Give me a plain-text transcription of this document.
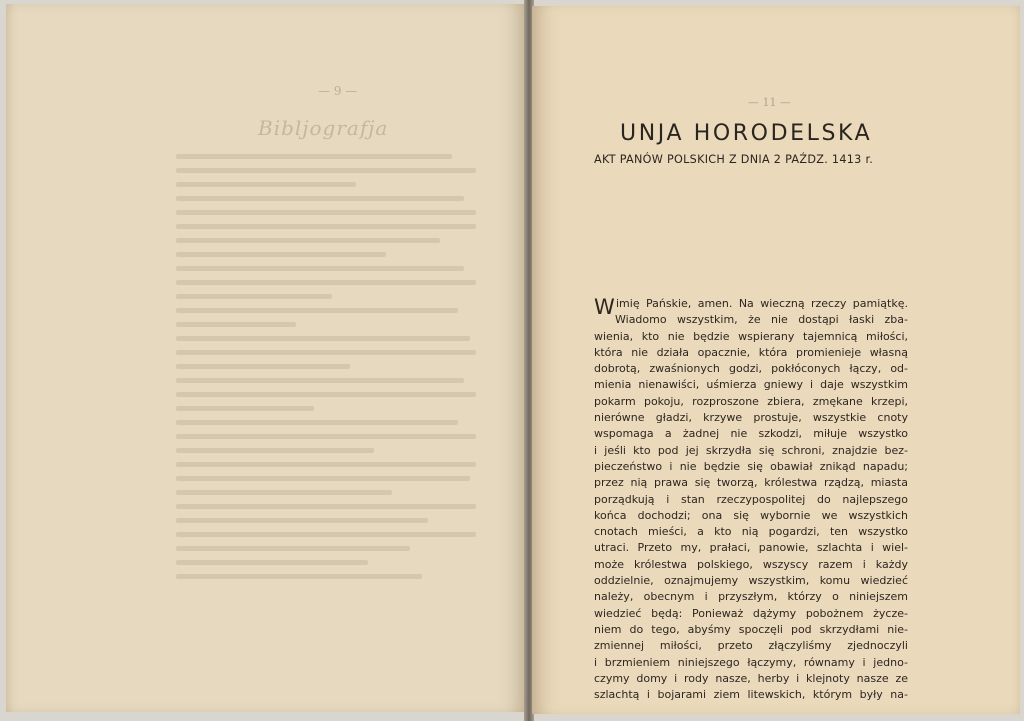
— 9 —
Bibljografja
— 11 —
UNJA HORODELSKA
AKT PANÓW POLSKICH Z DNIA 2 PAŹDZ. 1413 r.
W imię Pańskie, amen. Na wieczną rzeczy pamiątkę.
Wiadomo wszystkim, że nie dostąpi łaski zba-
wienia, kto nie będzie wspierany tajemnicą miłości,
która nie działa opacznie, która promienieje własną
dobrotą, zwaśnionych godzi, pokłóconych łączy, od-
mienia nienawiści, uśmierza gniewy i daje wszystkim
pokarm pokoju, rozproszone zbiera, zmękane krzepi,
nierówne gładzi, krzywe prostuje, wszystkie cnoty
wspomaga a żadnej nie szkodzi, miłuje wszystko
i jeśli kto pod jej skrzydła się schroni, znajdzie bez-
pieczeństwo i nie będzie się obawiał znikąd napadu;
przez nią prawa się tworzą, królestwa rządzą, miasta
porządkują i stan rzeczypospolitej do najlepszego
końca dochodzi; ona się wybornie we wszystkich
cnotach mieści, a kto nią pogardzi, ten wszystko
utraci. Przeto my, prałaci, panowie, szlachta i wiel-
może królestwa polskiego, wszyscy razem i każdy
oddzielnie, oznajmujemy wszystkim, komu wiedzieć
należy, obecnym i przyszłym, którzy o niniejszem
wiedzieć będą: Ponieważ dążymy pobożnem życze-
niem do tego, abyśmy spoczęli pod skrzydłami nie-
zmiennej miłości, przeto złączyliśmy zjednoczyli
i brzmieniem niniejszego łączymy, równamy i jedno-
czymy domy i rody nasze, herby i klejnoty nasze ze
szlachtą i bojarami ziem litewskich, którym były na-
